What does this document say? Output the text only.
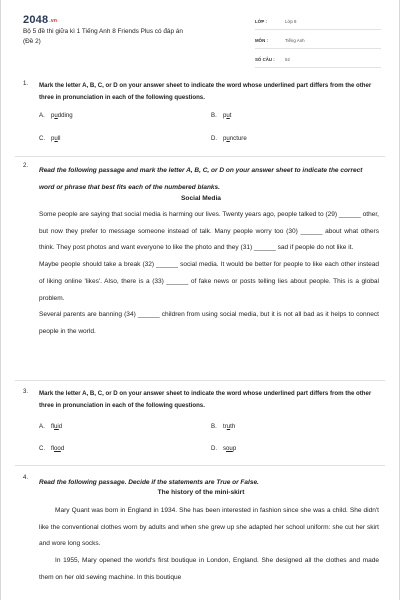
2048.vn
Bộ 5 đề thi giữa kì 1 Tiếng Anh 8 Friends Plus có đáp án
(Đề 2)
LỚP :	Lớp 8
MÔN :	Tiếng Anh
SỐ CÂU :	52
1. Mark the letter A, B, C, or D on your answer sheet to indicate the word whose underlined part differs from the other three in pronunciation in each of the following questions.
A. pudding	B. put
C. pull	D. puncture
2.
Read the following passage and mark the letter A, B, C, or D on your answer sheet to indicate the correct word or phrase that best fits each of the numbered blanks.
Social Media

Some people are saying that social media is harming our lives. Twenty years ago, people talked to (29) ______ other, but now they prefer to message someone instead of talk. Many people worry too (30) ______ about what others think. They post photos and want everyone to like the photo and they (31) ______ sad if people do not like it.

Maybe people should take a break (32) ______ social media. It would be better for people to like each other instead of liking online 'likes'. Also, there is a (33) ______ of fake news or posts telling lies about people. This is a global problem.

Several parents are banning (34) ______ children from using social media, but it is not all bad as it helps to connect people in the world.

3. Mark the letter A, B, C, or D on your answer sheet to indicate the word whose underlined part differs from the other three in pronunciation in each of the following questions.
A. fluid	B. truth
C. flood	D. soup
4.
Read the following passage. Decide if the statements are True or False.
The history of the mini-skirt

Mary Quant was born in England in 1934. She has been interested in fashion since she was a child. She didn't like the conventional clothes worn by adults and when she grew up she adapted her school uniform: she cut her skirt and wore long socks.

In 1955, Mary opened the world's first boutique in London, England. She designed all the clothes and made them on her old sewing machine. In this boutique
